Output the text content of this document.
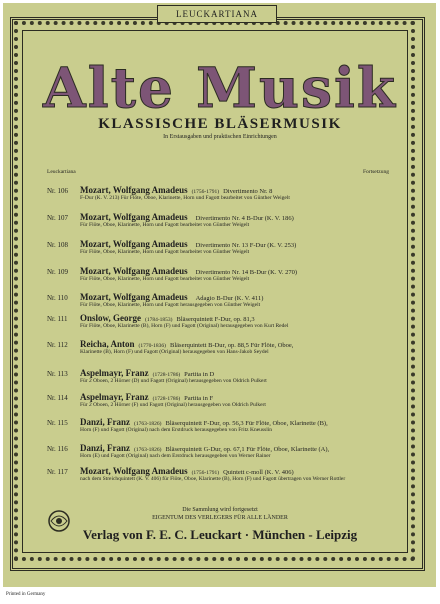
LEUCKARTIANA
Alte Musik
KLASSISCHE BLÄSERMUSIK
In Erstausgaben und praktischen Einrichtungen
Leuckartiana	Fortsetzung
Nr. 106	Mozart, Wolfgang Amadeus (1756-1791) Divertimento Nr. 8
F-Dur (K. V. 213) Für Flöte, Oboe, Klarinette, Horn und Fagott bearbeitet von Günther Weigelt
Nr. 107	Mozart, Wolfgang Amadeus Divertimento Nr. 4 B-Dur (K. V. 186)
Für Flöte, Oboe, Klarinette, Horn und Fagott bearbeitet von Günther Weigelt
Nr. 108	Mozart, Wolfgang Amadeus Divertimento Nr. 13 F-Dur (K. V. 253)
Für Flöte, Oboe, Klarinette, Horn und Fagott bearbeitet von Günther Weigelt
Nr. 109	Mozart, Wolfgang Amadeus Divertimento Nr. 14 B-Dur (K. V. 270)
Für Flöte, Oboe, Klarinette, Horn und Fagott bearbeitet von Günther Weigelt
Nr. 110	Mozart, Wolfgang Amadeus Adagio B-Dur (K. V. 411)
Für Flöte, Oboe, Klarinette, Horn und Fagott herausgegeben von Günther Weigelt
Nr. 111	Onslow, George (1784-1853) Bläserquintett F-Dur, op. 81,3
Für Flöte, Oboe, Klarinette (B), Horn (F) und Fagott (Original) herausgegeben von Kurt Redel
Nr. 112	Reicha, Anton (1770-1836) Bläserquintett B-Dur, op. 88,5 Für Flöte, Oboe,
Klarinette (B), Horn (F) und Fagott (Original) herausgegeben von Hans-Jakob Seydel
Nr. 113	Aspelmayr, Franz (1728-1786) Partita in D
Für 2 Oboen, 2 Hörner (D) und Fagott (Original) herausgegeben von Oldrich Pulkert
Nr. 114	Aspelmayr, Franz (1728-1786) Partita in F
Für 2 Oboen, 2 Hörner (F) und Fagott (Original) herausgegeben von Oldrich Pulkert
Nr. 115	Danzi, Franz (1763-1826) Bläserquintett F-Dur, op. 56,3 Für Flöte, Oboe, Klarinette (B),
Horn (F) und Fagott (Original) nach dem Erstdruck herausgegeben von Fritz Kneusslin
Nr. 116	Danzi, Franz (1763-1826) Bläserquintett G-Dur, op. 67,1 Für Flöte, Oboe, Klarinette (A),
Horn (E) und Fagott (Original) nach dem Erstdruck herausgegeben von Werner Rainer
Nr. 117	Mozart, Wolfgang Amadeus (1756-1791) Quintett c-moll (K. V. 406)
nach dem Streichquintett (K. V. 406) für Flöte, Oboe, Klarinette (B), Horn (F) und Fagott übertragen von Werner Rottler
Die Sammlung wird fortgesetzt
EIGENTUM DES VERLEGERS FÜR ALLE LÄNDER
Verlag von F. E. C. Leuckart · München - Leipzig
Printed in Germany
